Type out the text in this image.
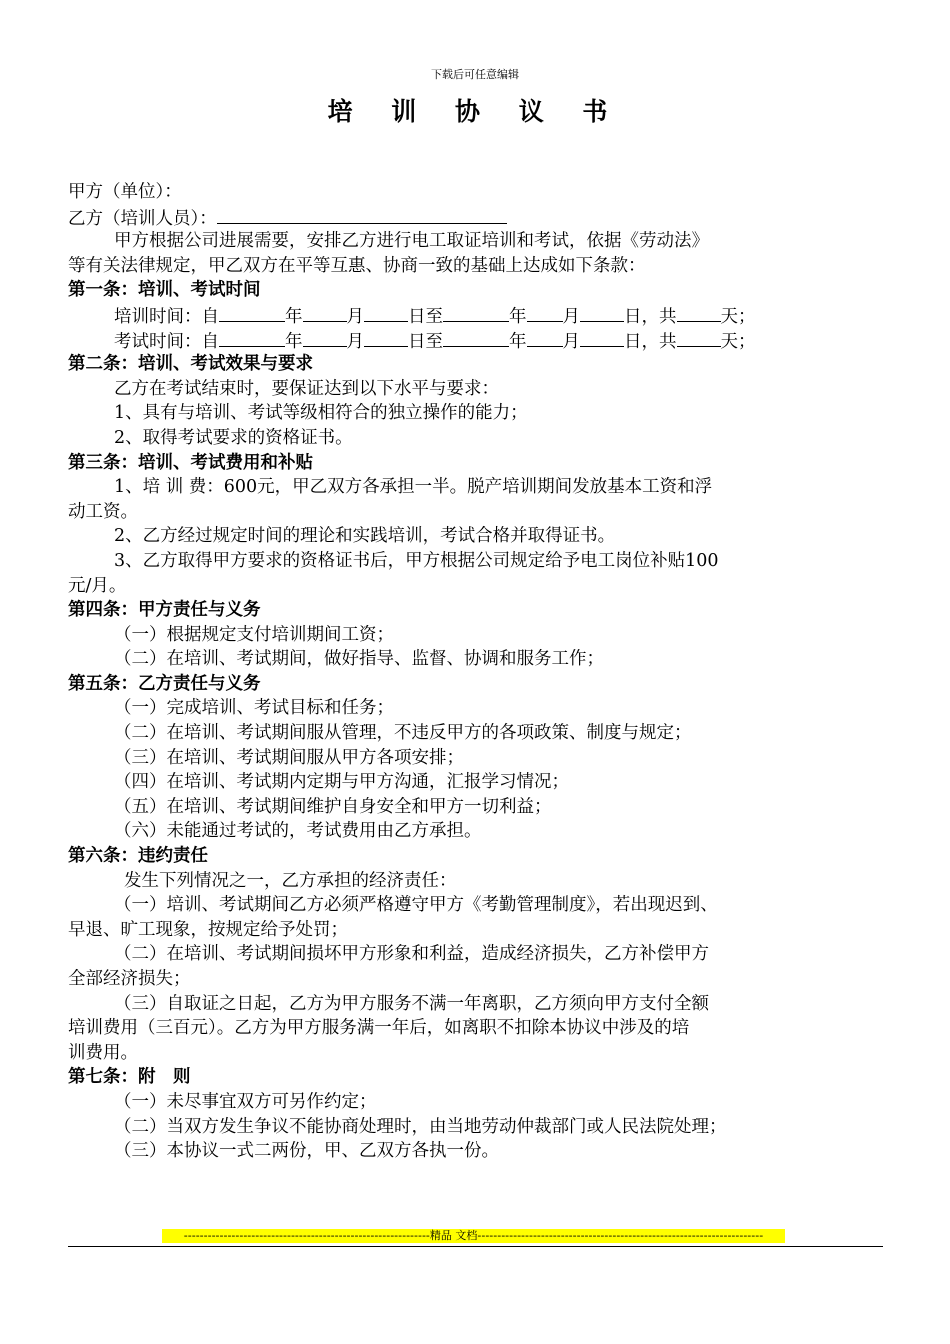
下载后可任意编辑
培 训 协 议 书
甲方（单位）：
乙方（培训人员）：
甲方根据公司进展需要，安排乙方进行电工取证培训和考试，依据《劳动法》
等有关法律规定，甲乙双方在平等互惠、协商一致的基础上达成如下条款：
第一条：培训、考试时间
培训时间：自	年	月	日至	年 月	日，共	天；
考试时间：自	年	月	日至	年 月	日，共	天；
第二条：培训、考试效果与要求
乙方在考试结束时，要保证达到以下水平与要求：
1、具有与培训、考试等级相符合的独立操作的能力；
2、取得考试要求的资格证书。
第三条：培训、考试费用和补贴
1、培 训 费：600元，甲乙双方各承担一半。脱产培训期间发放基本工资和浮
动工资。
2、乙方经过规定时间的理论和实践培训，考试合格并取得证书。
3、乙方取得甲方要求的资格证书后，甲方根据公司规定给予电工岗位补贴100
元/月。
第四条：甲方责任与义务
（一）根据规定支付培训期间工资；
（二）在培训、考试期间，做好指导、监督、协调和服务工作；
第五条：乙方责任与义务
（一）完成培训、考试目标和任务；
（二）在培训、考试期间服从管理，不违反甲方的各项政策、制度与规定；
（三）在培训、考试期间服从甲方各项安排；
（四）在培训、考试期内定期与甲方沟通，汇报学习情况；
（五）在培训、考试期间维护自身安全和甲方一切利益；
（六）未能通过考试的，考试费用由乙方承担。
第六条：违约责任
发生下列情况之一，乙方承担的经济责任：
（一）培训、考试期间乙方必须严格遵守甲方《考勤管理制度》，若出现迟到、
早退、旷工现象，按规定给予处罚；
（二）在培训、考试期间损坏甲方形象和利益，造成经济损失，乙方补偿甲方
全部经济损失；
（三）自取证之日起，乙方为甲方服务不满一年离职，乙方须向甲方支付全额
培训费用（三百元）。乙方为甲方服务满一年后，如离职不扣除本协议中涉及的培
训费用。
第七条：附　则
（一）未尽事宜双方可另作约定；
（二）当双方发生争议不能协商处理时，由当地劳动仲裁部门或人民法院处理；
（三）本协议一式二两份，甲、乙双方各执一份。
--------------------------------------------------------------精品 文档------------------------------------------------------------------------
